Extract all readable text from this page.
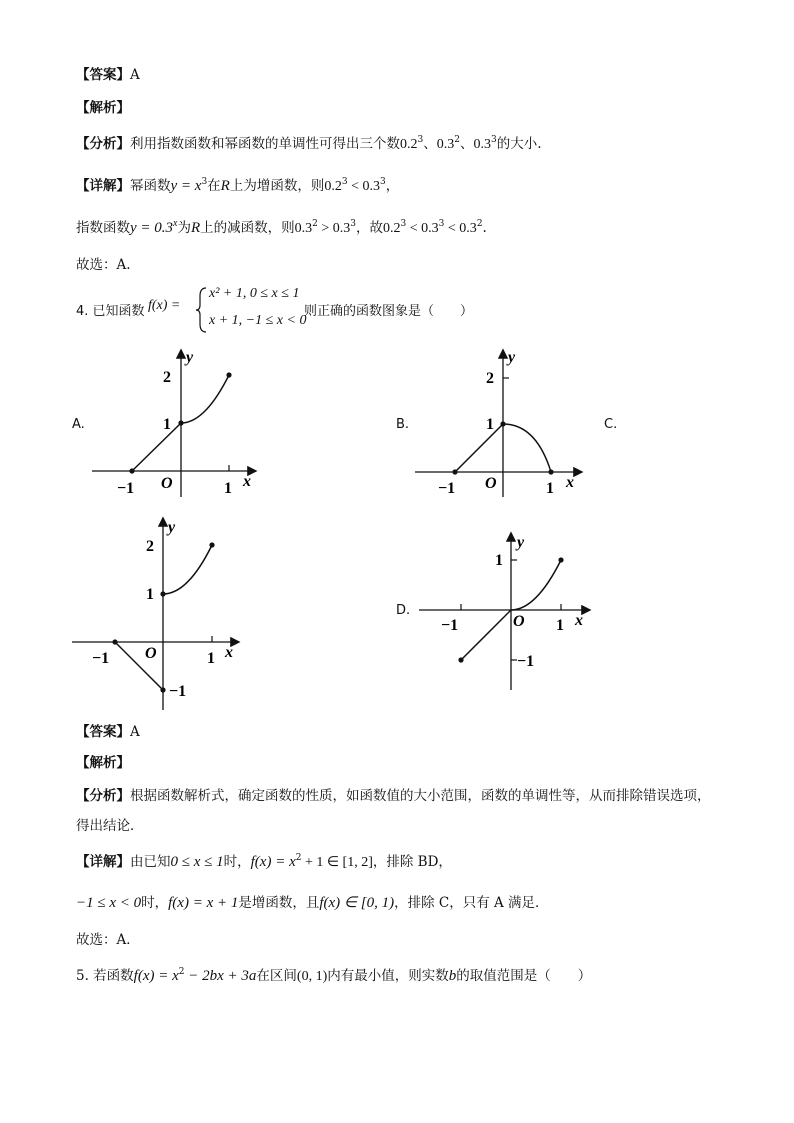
【答案】A
【解析】
【分析】利用指数函数和幂函数的单调性可得出三个数$0.2^3$、$0.3^2$、$0.3^3$的大小.
【详解】幂函数$y = x^3$在R上为增函数，则$0.2^3 < 0.3^3$，
指数函数$y = 0.3^x$为R上的减函数，则$0.3^2 > 0.3^3$，故$0.2^3 < 0.3^3 < 0.3^2$.
故选：A.
4. 已知函数 f(x) =
x² + 1, 0 ≤ x ≤ 1
x + 1, −1 ≤ x < 0
则正确的函数图象是（　　）
A.	B.	C.
D.
y
x
O
−1	1
1
2
y
x
O
−1	1
1
2
y
x
O
−1	1
1
2
−1
y
x
O
−1	1
1
−1
【答案】A
【解析】
【分析】根据函数解析式，确定函数的性质，如函数值的大小范围，函数的单调性等，从而排除错误选项，
得出结论．
【详解】由已知0 ≤ x ≤ 1时，$f(x) = x^2 + 1$ ∈ [1, 2]，排除 BD，
−1 ≤ x < 0时，f(x) = x + 1是增函数，且f(x) ∈ [0, 1)，排除 C，只有 A 满足．
故选：A．
5. 若函数$f(x) = x^2 - 2bx + 3a$在区间(0, 1)内有最小值，则实数b的取值范围是（　　）
